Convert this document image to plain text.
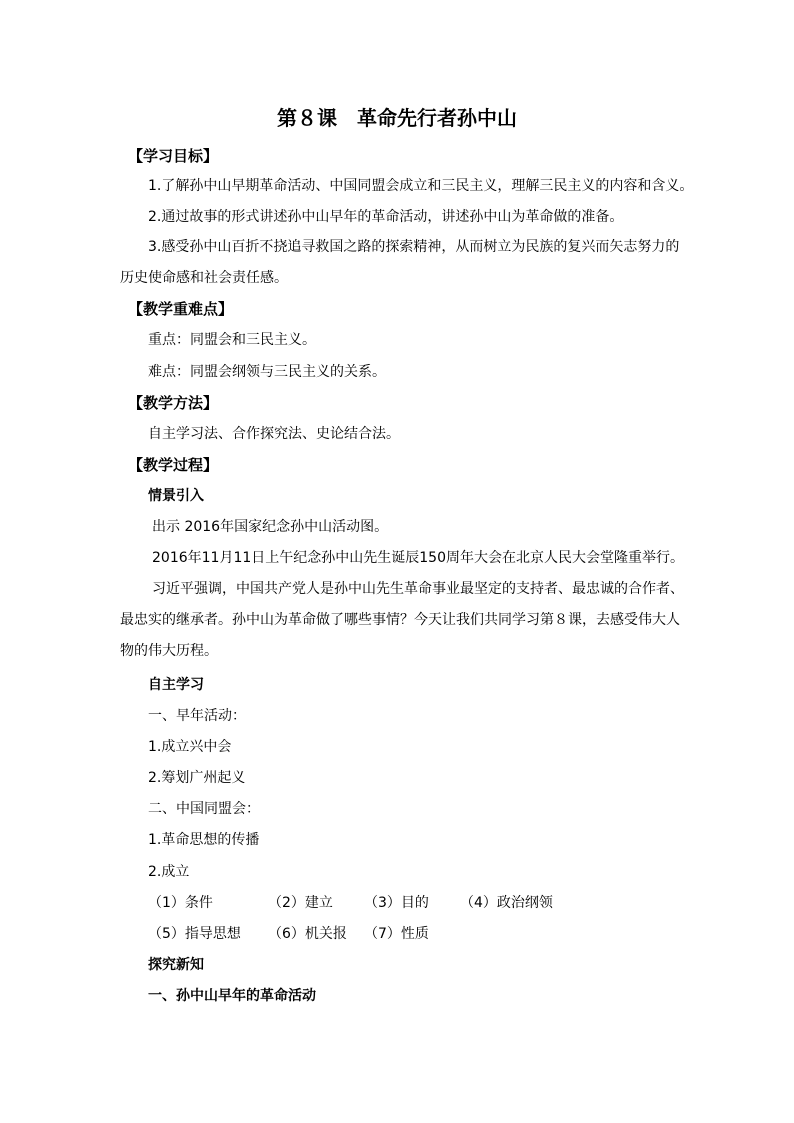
第８课　革命先行者孙中山
【学习目标】
1.了解孙中山早期革命活动、中国同盟会成立和三民主义，理解三民主义的内容和含义。
2.通过故事的形式讲述孙中山早年的革命活动，讲述孙中山为革命做的准备。
3.感受孙中山百折不挠追寻救国之路的探索精神，从而树立为民族的复兴而矢志努力的
历史使命感和社会责任感。
【教学重难点】
重点：同盟会和三民主义。
难点：同盟会纲领与三民主义的关系。
【教学方法】
自主学习法、合作探究法、史论结合法。
【教学过程】
情景引入
出示 2016年国家纪念孙中山活动图。
2016年11月11日上午纪念孙中山先生诞辰150周年大会在北京人民大会堂隆重举行。
习近平强调，中国共产党人是孙中山先生革命事业最坚定的支持者、最忠诚的合作者、
最忠实的继承者。孙中山为革命做了哪些事情？今天让我们共同学习第８课，去感受伟大人
物的伟大历程。
自主学习
一、早年活动：
1.成立兴中会
2.筹划广州起义
二、中国同盟会：
1.革命思想的传播
2.成立
（1）条件	（2）建立 （3）目的 （4）政治纲领
（5）指导思想 （6）机关报 （7）性质
探究新知
一、孙中山早年的革命活动
